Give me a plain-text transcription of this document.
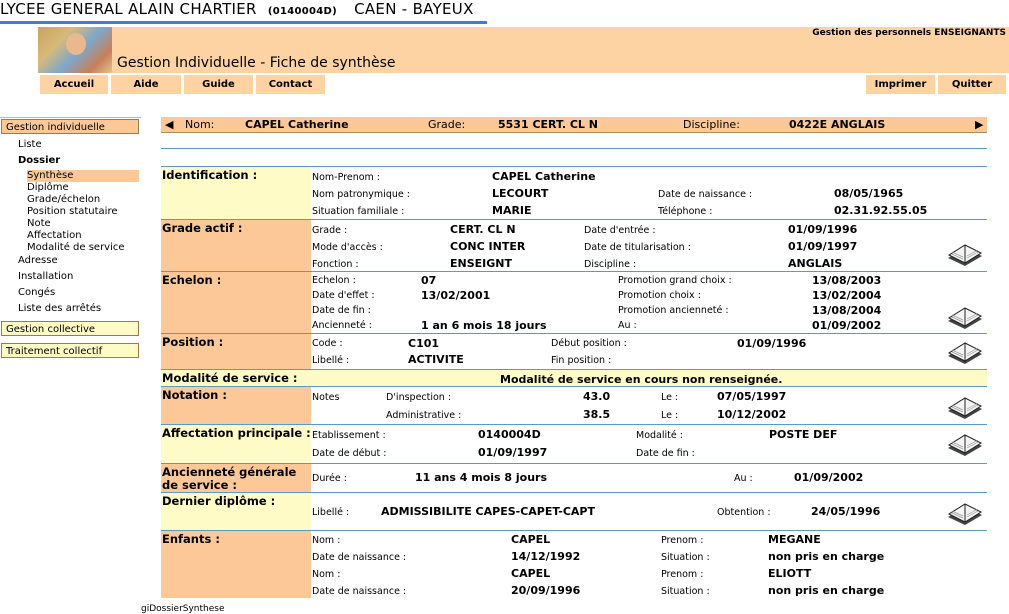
LYCEE GENERAL ALAIN CHARTIER (0140004D) CAEN - BAYEUX
Gestion des personnels ENSEIGNANTS
Gestion Individuelle - Fiche de synthèse
Accueil	Aide	Guide	Contact	Imprimer	Quitter
Gestion individuelle
Liste
Dossier
Synthèse
Diplôme
Grade/échelon
Position statutaire
Note
Affectation
Modalité de service
Adresse
Installation
Congés
Liste des arrêtés
Gestion collective
Traitement collectif
◀ Nom:	CAPEL Catherine	Grade:	5531 CERT. CL N	Discipline:	0422E ANGLAIS	▶
Identification :	Nom-Prenom :	CAPEL Catherine
Nom patronymique :	LECOURT	Date de naissance :	08/05/1965
Situation familiale :	MARIE	Téléphone :	02.31.92.55.05
Grade actif :	Grade :	CERT. CL N	Date d'entrée :	01/09/1996
Mode d'accès :	CONC INTER	Date de titularisation :	01/09/1997
Fonction :	ENSEIGNT	Discipline :	ANGLAIS
Echelon :	Echelon :	07	Promotion grand choix :	13/08/2003
Date d'effet :	13/02/2001	Promotion choix :	13/02/2004
Date de fin :	Promotion ancienneté :	13/08/2004
Ancienneté :	1 an 6 mois 18 jours	Au :	01/09/2002
Position :	Code :	C101	Début position :	01/09/1996
Libellé :	ACTIVITE	Fin position :
Modalité de service :	Modalité de service en cours non renseignée.
Notation :	Notes	D'inspection :	43.0	Le :	07/05/1997
Administrative :	38.5	Le :	10/12/2002
Affectation principale : Etablissement :	0140004D	Modalité :	POSTE DEF
Date de début :	01/09/1997	Date de fin :
Ancienneté générale de service :	Durée :	11 ans 4 mois 8 jours	Au :	01/09/2002
Dernier diplôme :
Libellé :	ADMISSIBILITE CAPES-CAPET-CAPT	Obtention :	24/05/1996
Enfants :	Nom :	CAPEL	Prenom :	MEGANE
Date de naissance :	14/12/1992	Situation :	non pris en charge
Nom :	CAPEL	Prenom :	ELIOTT
Date de naissance :	20/09/1996	Situation :	non pris en charge
giDossierSynthese
